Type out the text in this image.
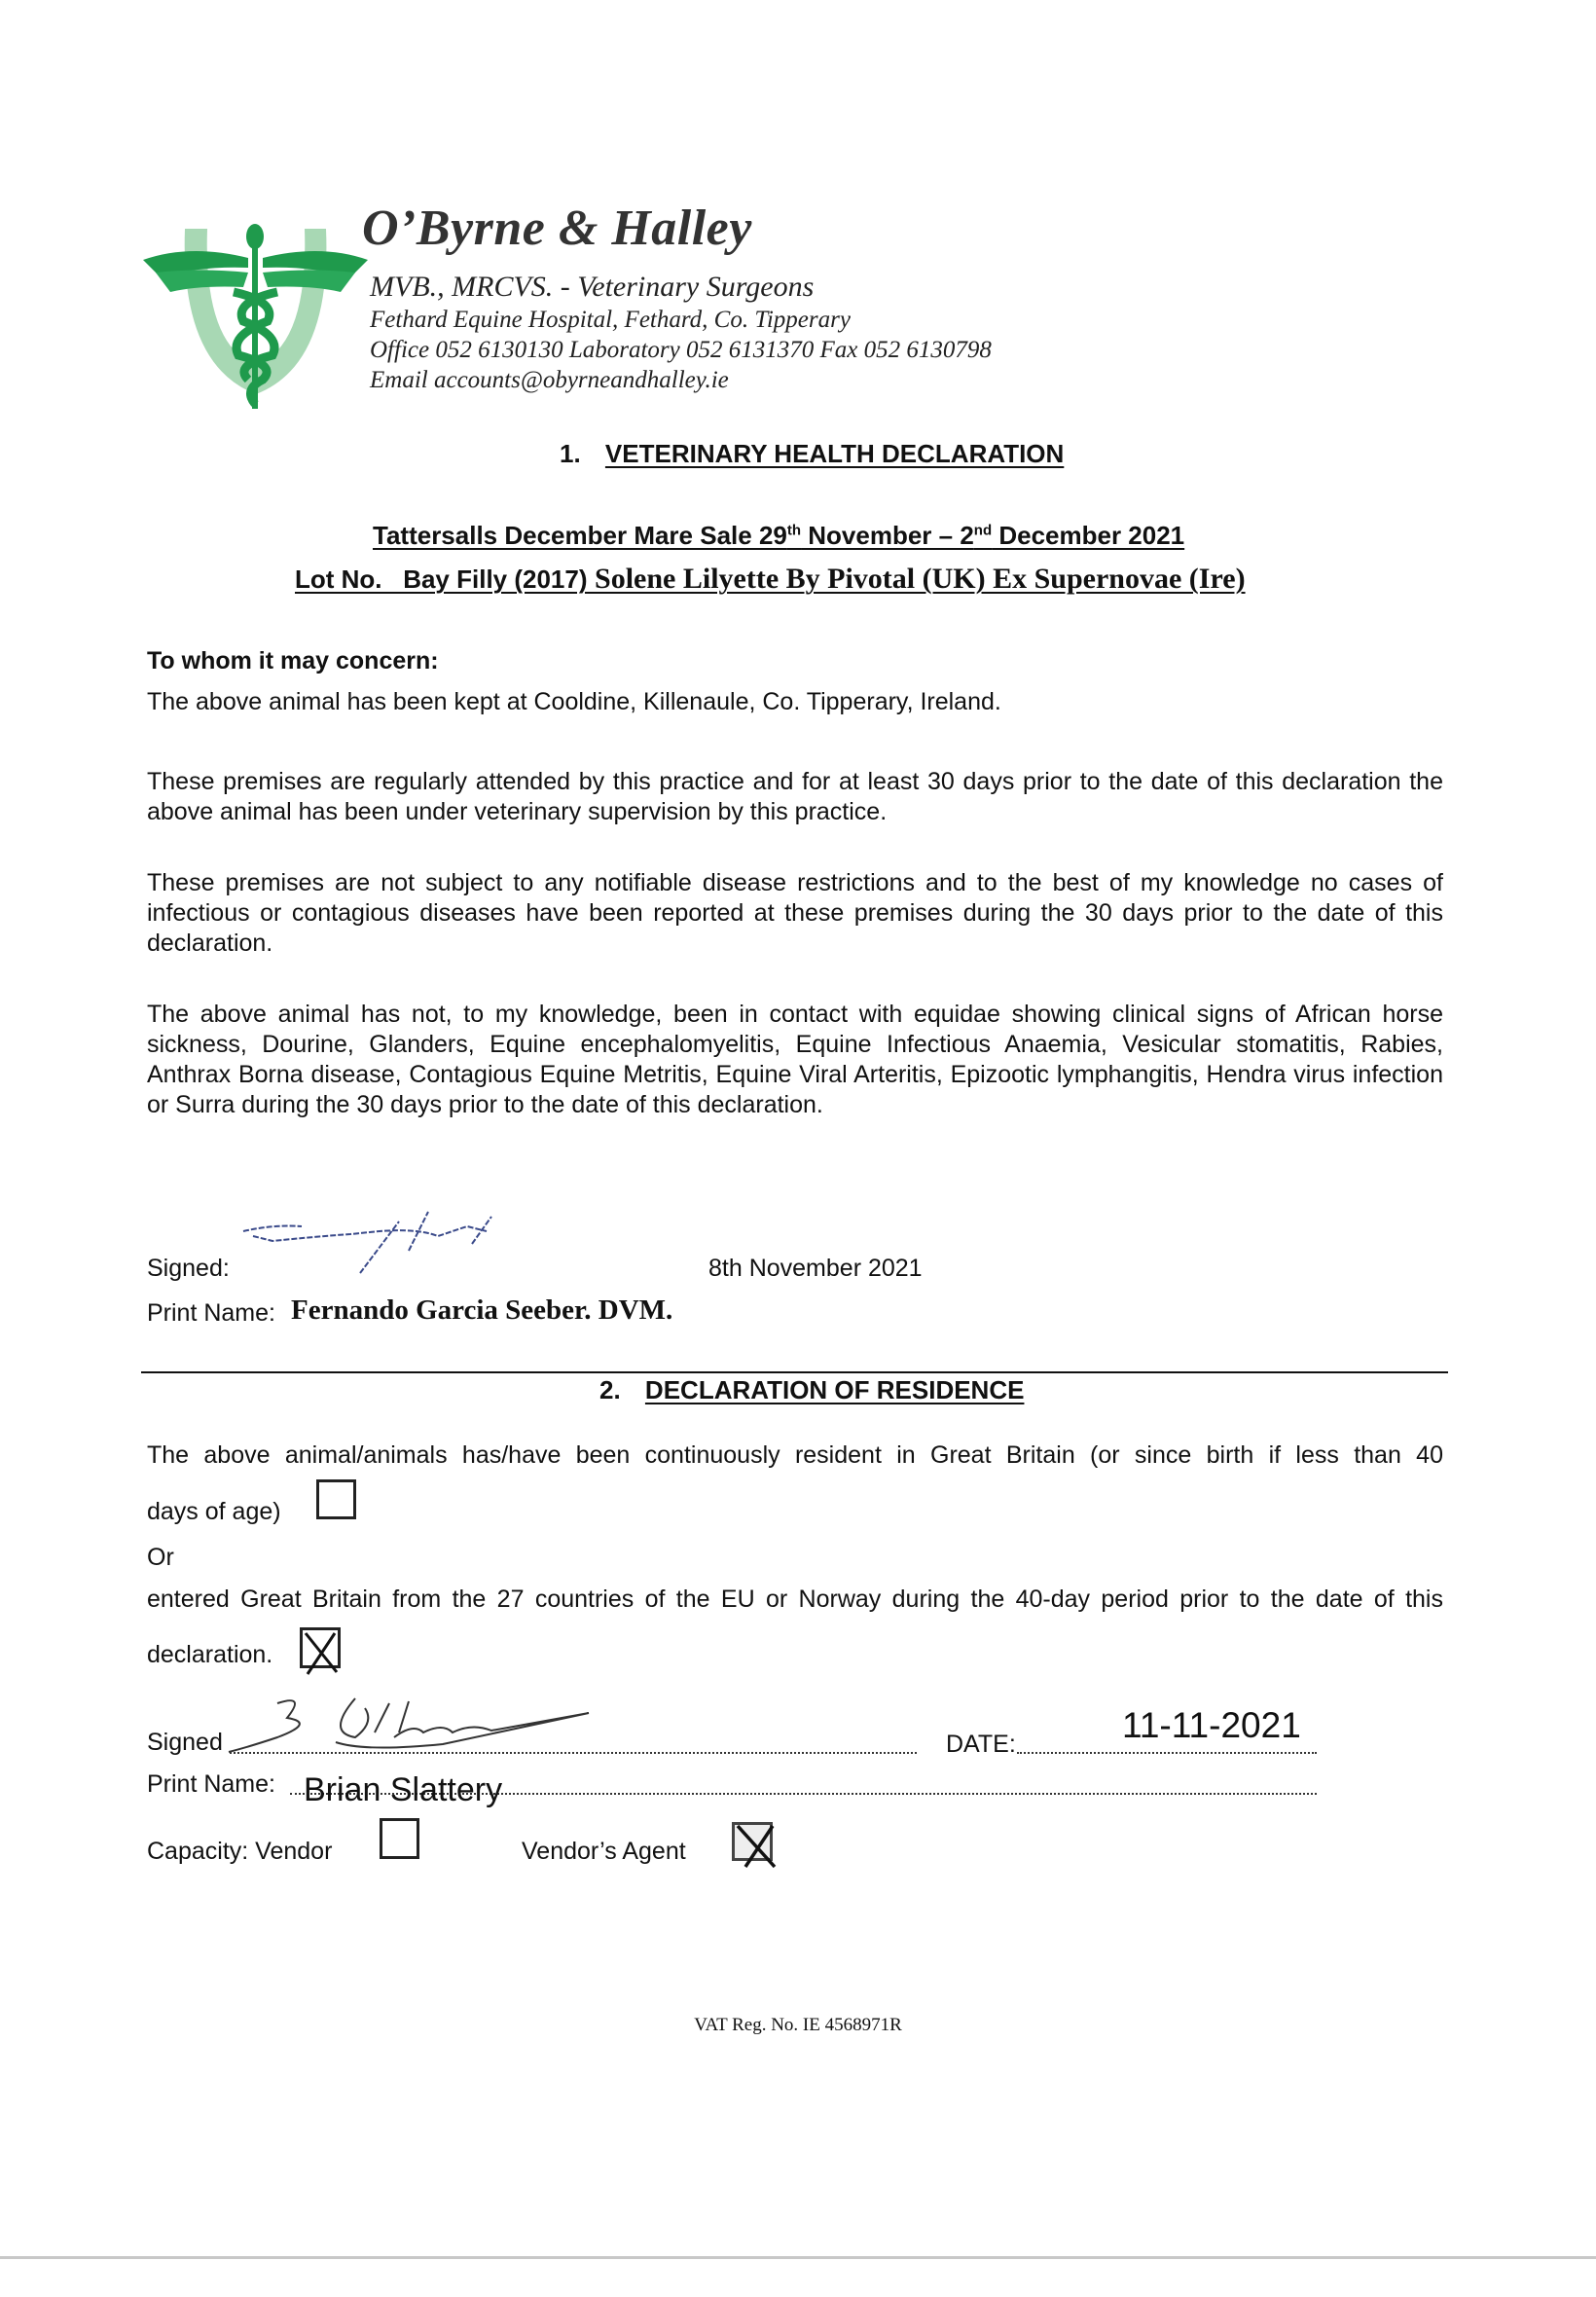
O’Byrne & Halley
MVB., MRCVS. - Veterinary Surgeons
Fethard Equine Hospital, Fethard, Co. Tipperary
Office 052 6130130 Laboratory 052 6131370 Fax 052 6130798
Email accounts@obyrneandhalley.ie
1. VETERINARY HEALTH DECLARATION
Tattersalls December Mare Sale 29th November – 2nd December 2021
Lot No.   Bay Filly (2017) Solene Lilyette By Pivotal (UK) Ex Supernovae (Ire)
To whom it may concern:
The above animal has been kept at Cooldine, Killenaule, Co. Tipperary, Ireland.
These premises are regularly attended by this practice and for at least 30 days prior to the date of this declaration the above animal has been under veterinary supervision by this practice.
These premises are not subject to any notifiable disease restrictions and to the best of my knowledge no cases of infectious or contagious diseases have been reported at these premises during the 30 days prior to the date of this declaration.
The above animal has not, to my knowledge, been in contact with equidae showing clinical signs of African horse sickness, Dourine, Glanders, Equine encephalomyelitis, Equine Infectious Anaemia, Vesicular stomatitis, Rabies, Anthrax Borna disease, Contagious Equine Metritis, Equine Viral Arteritis, Epizootic lymphangitis, Hendra virus infection or Surra during the 30 days prior to the date of this declaration.
Signed:	8th November 2021
Print Name: Fernando Garcia Seeber. DVM.
2. DECLARATION OF RESIDENCE
The above animal/animals has/have been continuously resident in Great Britain (or since birth if less than 40
days of age)
Or
entered Great Britain from the 27 countries of the EU or Norway during the 40-day period prior to the date of this
declaration.
Signed	DATE:	11-11-2021
Print Name: Brian Slattery
Capacity: Vendor	Vendor’s Agent
VAT Reg. No. IE 4568971R
